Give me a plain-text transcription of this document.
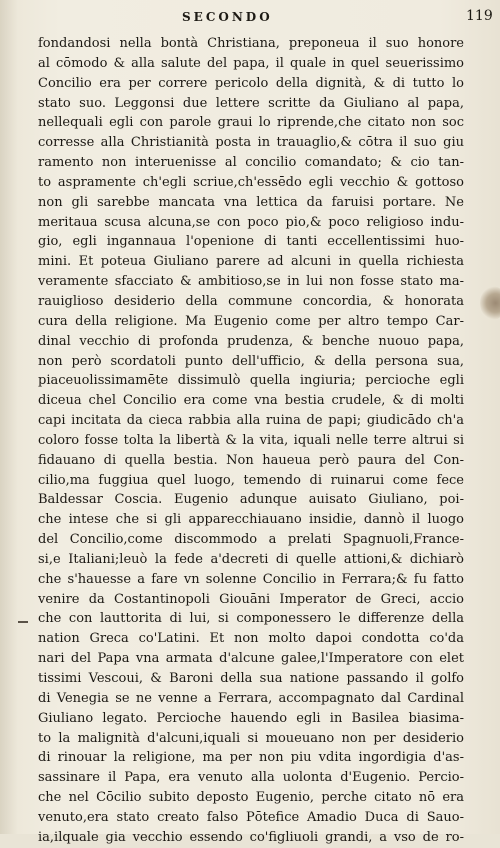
SECONDO	119
fondandosi nella bontà Christiana, preponeua il suo honore
al cōmodo & alla salute del papa, il quale in quel seuerissimo
Concilio era per correre pericolo della dignità, & di tutto lo
stato suo. Leggonsi due lettere scritte da Giuliano al papa,
nellequali egli con parole graui lo riprende,che citato non soc
corresse alla Christianità posta in trauaglio,& cōtra il suo giu
ramento non interuenisse al concilio comandato; & cio tan-
to aspramente ch'egli scriue,ch'essēdo egli vecchio & gottoso
non gli sarebbe mancata vna lettica da faruisi portare. Ne
meritaua scusa alcuna,se con poco pio,& poco religioso indu-
gio, egli ingannaua l'openione di tanti eccellentissimi huo-
mini. Et poteua Giuliano parere ad alcuni in quella richiesta
veramente sfacciato & ambitioso,se in lui non fosse stato ma-
rauiglioso desiderio della commune concordia, & honorata
cura della religione. Ma Eugenio come per altro tempo Car-
dinal vecchio di profonda prudenza, & benche nuouo papa,
non però scordatoli punto dell'ufficio, & della persona sua,
piaceuolissimamēte dissimulò quella ingiuria; percioche egli
diceua chel Concilio era come vna bestia crudele, & di molti
capi incitata da cieca rabbia alla ruina de papi; giudicādo ch'a
coloro fosse tolta la libertà & la vita, iquali nelle terre altrui si
fidauano di quella bestia. Non haueua però paura del Con-
cilio,ma fuggiua quel luogo, temendo di ruinarui come fece
Baldessar Coscia. Eugenio adunque auisato Giuliano, poi-
che intese che si gli apparecchiauano insidie, dannò il luogo
del Concilio,come discommodo a prelati Spagnuoli,France-
si,e Italiani;leuò la fede a'decreti di quelle attioni,& dichiarò
che s'hauesse a fare vn solenne Concilio in Ferrara;& fu fatto
venire da Costantinopoli Giouāni Imperator de Greci, accio
che con lauttorita di lui, si componessero le differenze della
nation Greca co'Latini. Et non molto dapoi condotta co'da
nari del Papa vna armata d'alcune galee,l'Imperatore con elet
tissimi Vescoui, & Baroni della sua natione passando il golfo
di Venegia se ne venne a Ferrara, accompagnato dal Cardinal
Giuliano legato. Percioche hauendo egli in Basilea biasima-
to la malignità d'alcuni,iquali si moueuano non per desiderio
di rinouar la religione, ma per non piu vdita ingordigia d'as-
sassinare il Papa, era venuto alla uolonta d'Eugenio. Percio-
che nel Cōcilio subito deposto Eugenio, perche citato nō era
venuto,era stato creato falso Pōtefice Amadio Duca di Sauo-
ia,ilquale gia vecchio essendo co'figliuoli grandi, a vso de ro-
